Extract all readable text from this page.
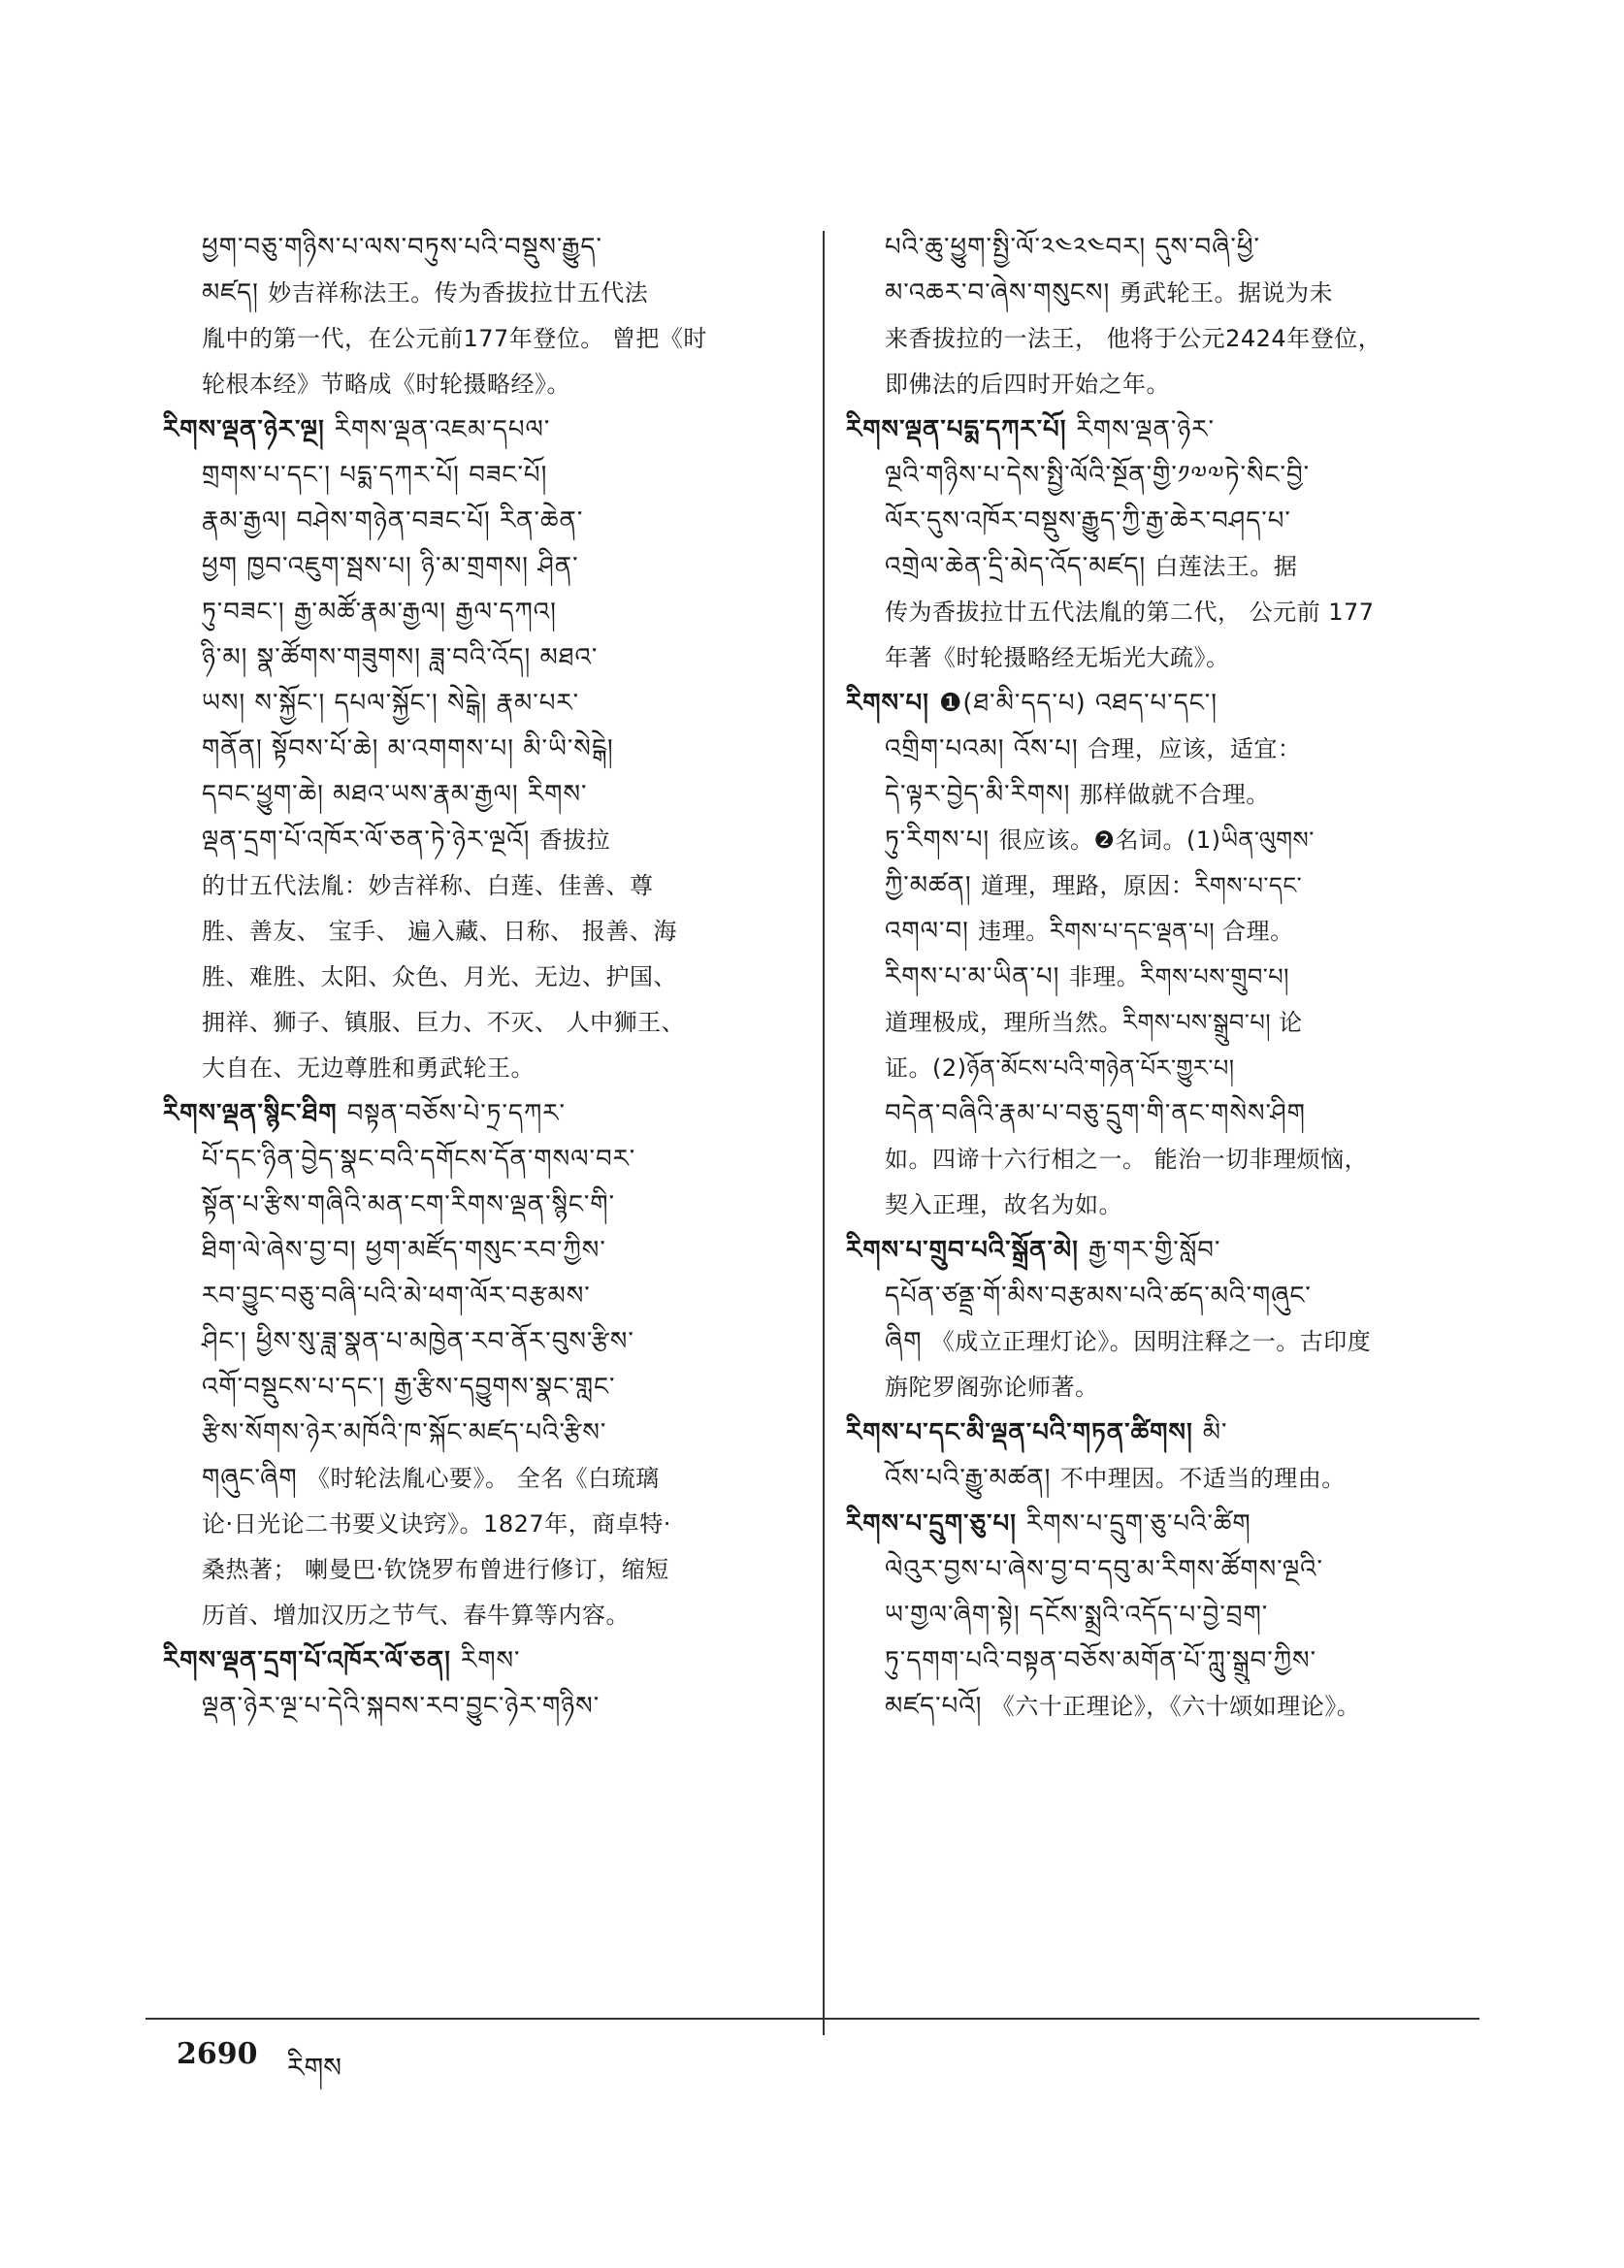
ཕྱག་བཅུ་གཉིས་པ་ལས་བཏུས་པའི་བསྡུས་རྒྱུད་
མཛད། 妙吉祥称法王。传为香拔拉廿五代法
胤中的第一代，在公元前177年登位。 曾把《时
轮根本经》节略成《时轮摄略经》。
རིགས་ལྡན་ཉེར་ལྔ། རིགས་ལྡན་འཇམ་དཔལ་
གྲགས་པ་དང་། པདྨ་དཀར་པོ། བཟང་པོ།
རྣམ་རྒྱལ། བཤེས་གཉེན་བཟང་པོ། རིན་ཆེན་
ཕྱག ཁྱབ་འཇུག་སྦས་པ། ཉི་མ་གྲགས། ཤིན་
ཏུ་བཟང་། རྒྱ་མཚོ་རྣམ་རྒྱལ། རྒྱལ་དཀའ།
ཉི་མ། སྣ་ཚོགས་གཟུགས། ཟླ་བའི་འོད། མཐའ་
ཡས། ས་སྐྱོང་། དཔལ་སྐྱོང་། སེངྒེ། རྣམ་པར་
གནོན། སྟོབས་པོ་ཆེ། མ་འགགས་པ། མི་ཡི་སེངྒེ།
དབང་ཕྱུག་ཆེ། མཐའ་ཡས་རྣམ་རྒྱལ། རིགས་
ལྡན་དྲག་པོ་འཁོར་ལོ་ཅན་ཏེ་ཉེར་ལྔའོ། 香拔拉
的廿五代法胤：妙吉祥称、白莲、佳善、尊
胜、善友、 宝手、 遍入藏、日称、 报善、海
胜、难胜、太阳、众色、月光、无边、护国、
拥祥、狮子、镇服、巨力、不灭、 人中狮王、
大自在、无边尊胜和勇武轮王。
རིགས་ལྡན་སྙིང་ཐིག བསྟན་བཅོས་པེ་ཏྲ་དཀར་
པོ་དང་ཉིན་བྱེད་སྣང་བའི་དགོངས་དོན་གསལ་བར་
སྟོན་པ་རྩིས་གཞིའི་མན་ངག་རིགས་ལྡན་སྙིང་གི་
ཐིག་ལེ་ཞེས་བྱ་བ། ཕྱག་མཛོད་གསུང་རབ་ཀྱིས་
རབ་བྱུང་བཅུ་བཞི་པའི་མེ་ཕག་ལོར་བརྩམས་
ཤིང་། ཕྱིས་སུ་ཟླ་སྣན་པ་མཁྱེན་རབ་ནོར་བུས་རྩིས་
འགོ་བསྡུངས་པ་དང་། རྒྱ་རྩིས་དབྱུགས་སྣང་གླང་
རྩིས་སོགས་ཉེར་མཁོའི་ཁ་སྐོང་མཛད་པའི་རྩིས་
གཞུང་ཞིག 《时轮法胤心要》。 全名《白琉璃
论·日光论二书要义诀窍》。1827年，商卓特·
桑热著； 喇曼巴·钦饶罗布曾进行修订，缩短
历首、增加汉历之节气、春牛算等内容。
རིགས་ལྡན་དྲག་པོ་འཁོར་ལོ་ཅན། རིགས་
ལྡན་ཉེར་ལྔ་པ་དེའི་སྐབས་རབ་བྱུང་ཉེར་གཉིས་
པའི་ཆུ་ཕྱུག་སྤྱི་ལོ་༢༤༢༤བར། དུས་བཞི་ཕྱི་
མ་འཆར་བ་ཞེས་གསུངས། 勇武轮王。据说为未
来香拔拉的一法王， 他将于公元2424年登位，
即佛法的后四时开始之年。
རིགས་ལྡན་པདྨ་དཀར་པོ། རིགས་ལྡན་ཉེར་
ལྔའི་གཉིས་པ་དེས་སྤྱི་ལོའི་སྔོན་གྱི་༡༧༧ཏེ་སིང་བྱི་
ལོར་དུས་འཁོར་བསྡུས་རྒྱུད་ཀྱི་རྒྱ་ཆེར་བཤད་པ་
འགྲེལ་ཆེན་དྲི་མེད་འོད་མཛད། 白莲法王。据
传为香拔拉廿五代法胤的第二代， 公元前 177
年著《时轮摄略经无垢光大疏》。
རིགས་པ། ❶(ཐ་མི་དད་པ) འཐད་པ་དང་།
འགྲིག་པའམ། འོས་པ། 合理，应该，适宜：
དེ་ལྟར་བྱེད་མི་རིགས། 那样做就不合理。
ཏུ་རིགས་པ། 很应该。❷名词。(1)ཡིན་ལུགས་
ཀྱི་མཚན། 道理，理路，原因：རིགས་པ་དང་
འགལ་བ། 违理。རིགས་པ་དང་ལྡན་པ། 合理。
རིགས་པ་མ་ཡིན་པ། 非理。རིགས་པས་གྲུབ་པ།
道理极成，理所当然。རིགས་པས་སྒྲུབ་པ། 论
证。(2)ཉོན་མོངས་པའི་གཉེན་པོར་གྱུར་པ།
བདེན་བཞིའི་རྣམ་པ་བཅུ་དྲུག་གི་ནང་གསེས་ཤིག
如。四谛十六行相之一。 能治一切非理烦恼，
契入正理，故名为如。
རིགས་པ་གྲུབ་པའི་སྒྲོན་མེ། རྒྱ་གར་གྱི་སློབ་
དཔོན་ཙནྡྲ་གོ་མིས་བརྩམས་པའི་ཚད་མའི་གཞུང་
ཞིག 《成立正理灯论》。因明注释之一。古印度
旃陀罗阁弥论师著。
རིགས་པ་དང་མི་ལྡན་པའི་གཏན་ཚིགས། མི་
འོས་པའི་རྒྱུ་མཚན། 不中理因。不适当的理由。
རིགས་པ་དྲུག་ཅུ་པ། རིགས་པ་དྲུག་ཅུ་པའི་ཚིག
ལེའུར་བྱས་པ་ཞེས་བྱ་བ་དབུ་མ་རིགས་ཚོགས་ལྔའི་
ཡ་གྱལ་ཞིག་སྟེ། དངོས་སྨྲའི་འདོད་པ་བྱེ་བྲག་
ཏུ་དགག་པའི་བསྟན་བཅོས་མགོན་པོ་ཀླུ་སྒྲུབ་ཀྱིས་
མཛད་པའོ། 《六十正理论》，《六十颂如理论》。
2690 རིགས
